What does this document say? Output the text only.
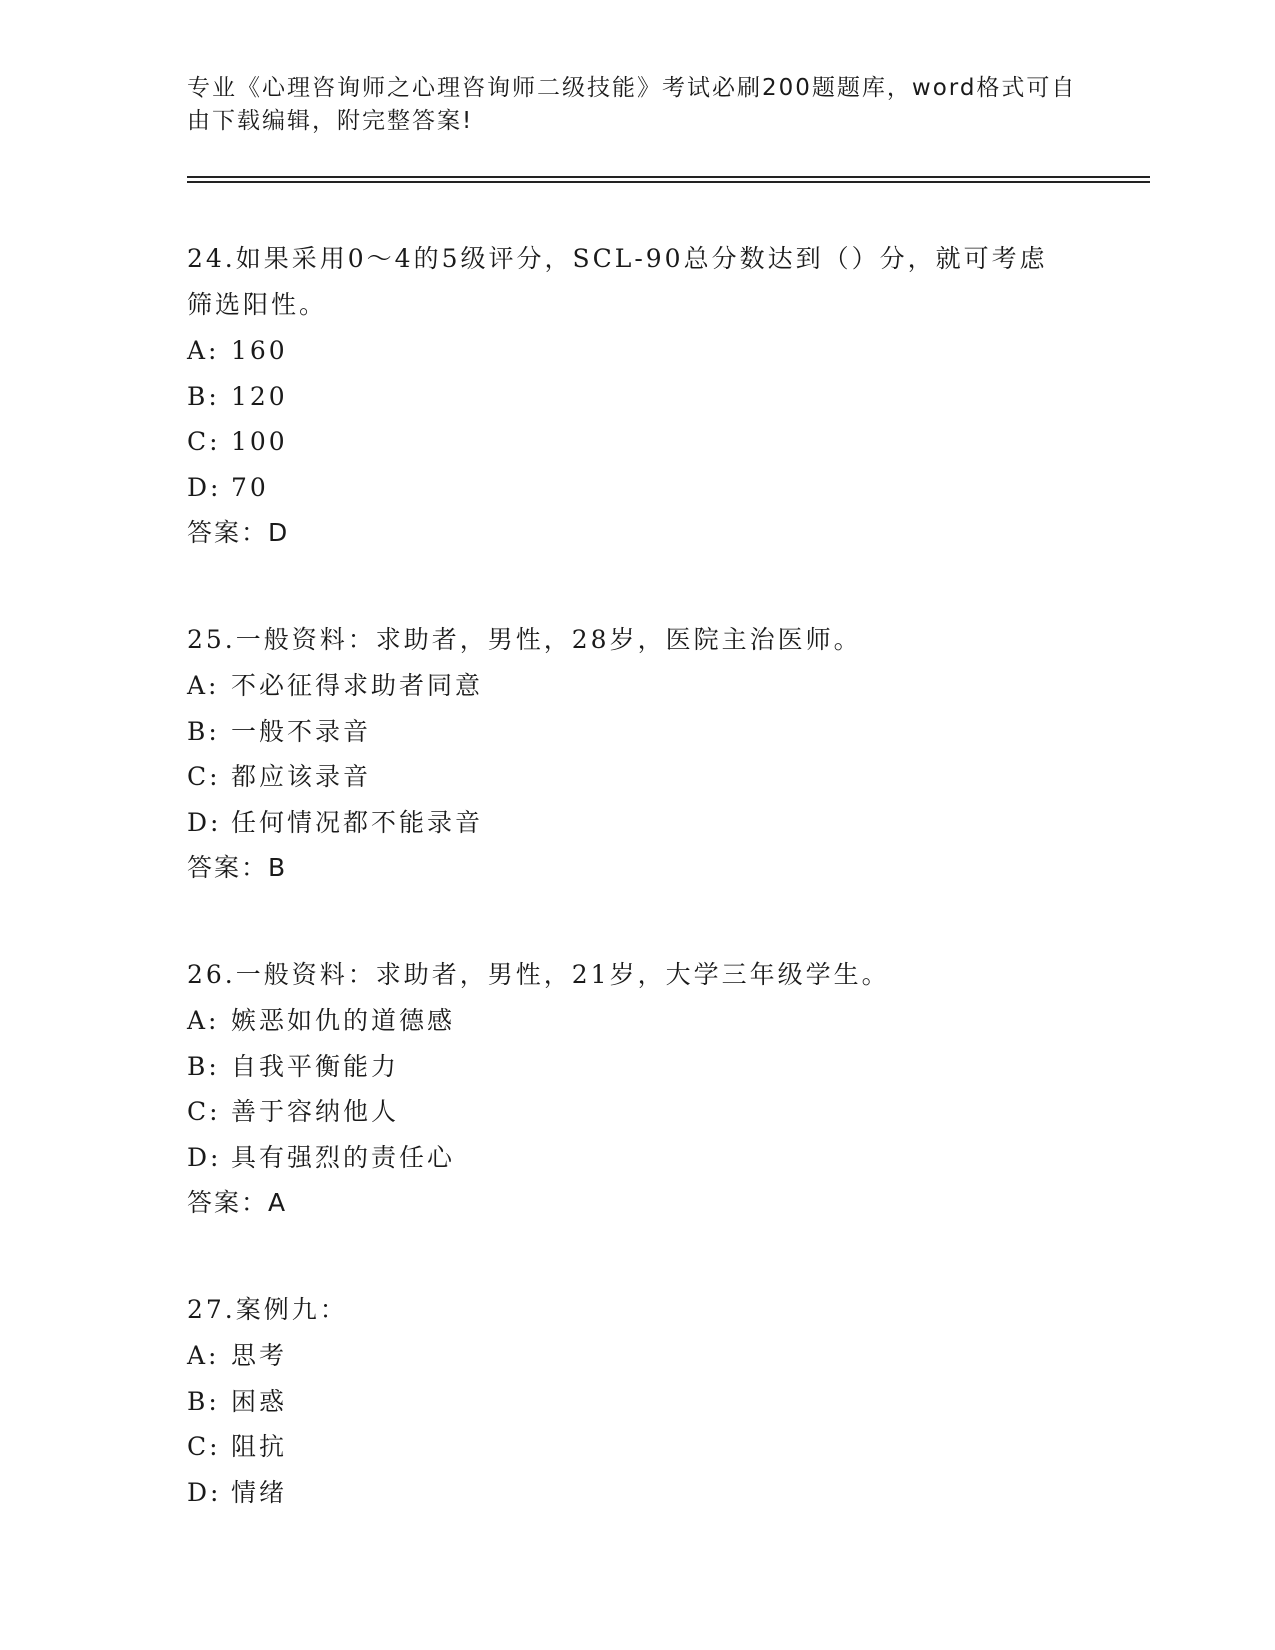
专业《心理咨询师之心理咨询师二级技能》考试必刷200题题库，word格式可自
由下载编辑，附完整答案!

24.如果采用0～4的5级评分，SCL-90总分数达到（）分，就可考虑

筛选阳性。

A: 160

B: 120

C: 100

D: 70

答案：D

25.一般资料：求助者，男性，28岁，医院主治医师。

A: 不必征得求助者同意

B: 一般不录音

C: 都应该录音

D: 任何情况都不能录音

答案：B

26.一般资料：求助者，男性，21岁，大学三年级学生。

A: 嫉恶如仇的道德感

B: 自我平衡能力

C: 善于容纳他人

D: 具有强烈的责任心

答案：A

27.案例九：

A: 思考

B: 困惑

C: 阻抗

D: 情绪
